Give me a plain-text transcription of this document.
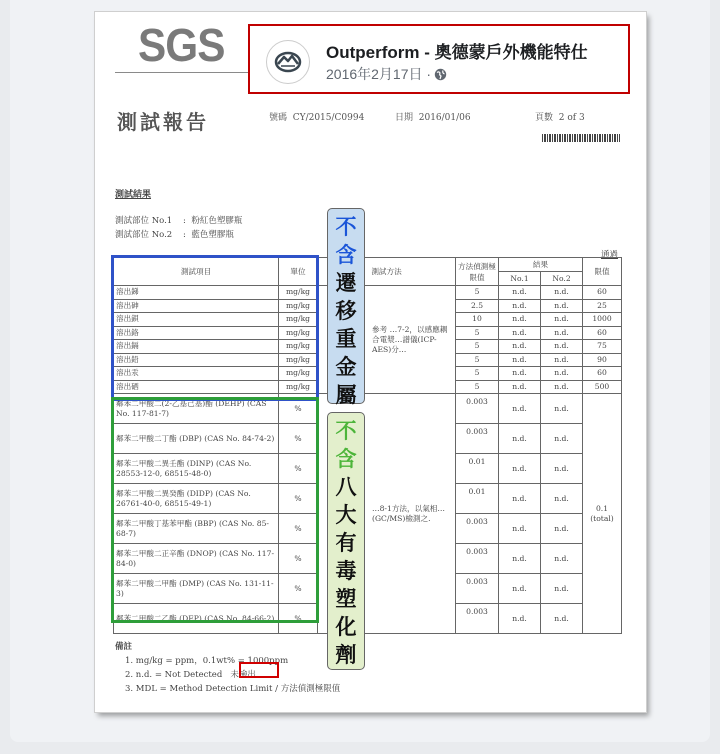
SGS	Outperform - 奧德蒙戶外機能特仕
2016年2月17日 ·
測試報告	號碼 CY/2015/C0994	日期 2016/01/06	頁數 2 of 3
測試結果
測試部位 No.1 : 粉紅色塑膠瓶
測試部位 No.2 : 藍色塑膠瓶
通過
測試項目	單位	測試方法	方法偵測極限值	結果		限值
				No.1	No.2	
溶出銻	mg/kg	參考 …7-2，以感應耦合電漿…譜儀(ICP-AES)分…	5	n.d.	n.d.	60
溶出砷	mg/kg		2.5	n.d.	n.d.	25
溶出鋇	mg/kg		10	n.d.	n.d.	1000
溶出鉻	mg/kg		5	n.d.	n.d.	60
溶出鎘	mg/kg		5	n.d.	n.d.	75
溶出鉛	mg/kg		5	n.d.	n.d.	90
溶出汞	mg/kg		5	n.d.	n.d.	60
溶出硒	mg/kg		5	n.d.	n.d.	500
鄰苯二甲酸二(2-乙基己基)酯 (DEHP) (CAS No. 117-81-7)	%	…8-1方法，以氣相…(GC/MS)檢測之.	0.003	n.d.	n.d.	0.1 (total)
鄰苯二甲酸二丁酯 (DBP) (CAS No. 84-74-2)	%		0.003	n.d.	n.d.	
鄰苯二甲酸二異壬酯 (DINP) (CAS No. 28553-12-0, 68515-48-0)	%		0.01	n.d.	n.d.	
鄰苯二甲酸二異癸酯 (DIDP) (CAS No. 26761-40-0, 68515-49-1)	%		0.01	n.d.	n.d.	
鄰苯二甲酸丁基苯甲酯 (BBP) (CAS No. 85-68-7)	%		0.003	n.d.	n.d.	
鄰苯二甲酸二正辛酯 (DNOP) (CAS No. 117-84-0)	%		0.003	n.d.	n.d.	
鄰苯二甲酸二甲酯 (DMP) (CAS No. 131-11-3)	%		0.003	n.d.	n.d.	
鄰苯二甲酸二乙酯 (DEP) (CAS No. 84-66-2)	%		0.003	n.d.	n.d.	
不
含
遷
移
重
金
屬
不
含
八
大
有
毒
塑
化
劑
備註
1. mg/kg = ppm，0.1wt% = 1000ppm
2. n.d. = Not Detected 未檢出
3. MDL = Method Detection Limit / 方法偵測極限值
